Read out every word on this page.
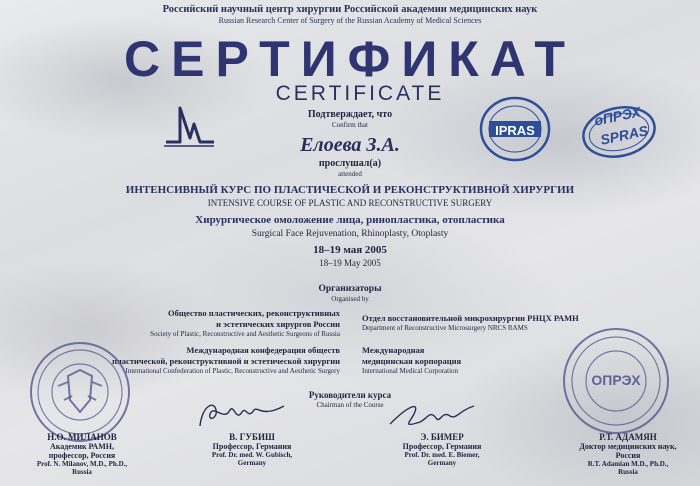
Российский научный центр хирургии Российской академии медицинских наук
Russian Research Center of Surgery of the Russian Academy of Medical Sciences
СЕРТИФИКАТ
CERTIFICATE
IPRAS
оПРЭХ
SPRAS
Подтверждает, что
Confirm that
Елоева З.А.
прослушал(а)
attended
ИНТЕНСИВНЫЙ КУРС ПО ПЛАСТИЧЕСКОЙ И РЕКОНСТРУКТИВНОЙ ХИРУРГИИ
INTENSIVE COURSE OF PLASTIC AND RECONSTRUCTIVE SURGERY
Хирургическое омоложение лица, ринопластика, отопластика
Surgical Face Rejuvenation, Rhinoplasty, Otoplasty
18–19 мая 2005
18–19 May 2005
Организаторы
Organised by
Общество пластических, реконструктивных
и эстетических хирургов России
Society of Plastic, Reconstructive and Aesthetic Surgeons of Russia
Отдел восстановительной микрохирургии РНЦХ РАМН
Department of Reconstructive Microsurgery NRCS RAMS
Международная конфедерация обществ
пластической, реконструктивной и эстетической хирургии
International Confederation of Plastic, Reconstructive and Aesthetic Surgery
Международная
медицинская корпорация
International Medical Corporation
Руководители курса
Chairman of the Course
ОПРЭХ
Н.О. МИЛАНОВ
Академик РАМН,
профессор, Россия
Prof. N. Milanov, M.D., Ph.D.,
Russia
В. ГУБИШ
Профессор, Германия
Prof. Dr. med. W. Gubisch,
Germany
Э. БИМЕР
Профессор, Германия
Prof. Dr. med. E. Biemer,
Germany
Р.Т. АДАМЯН
Доктор медицинских наук,
Россия
R.T. Adamian M.D., Ph.D.,
Russia
